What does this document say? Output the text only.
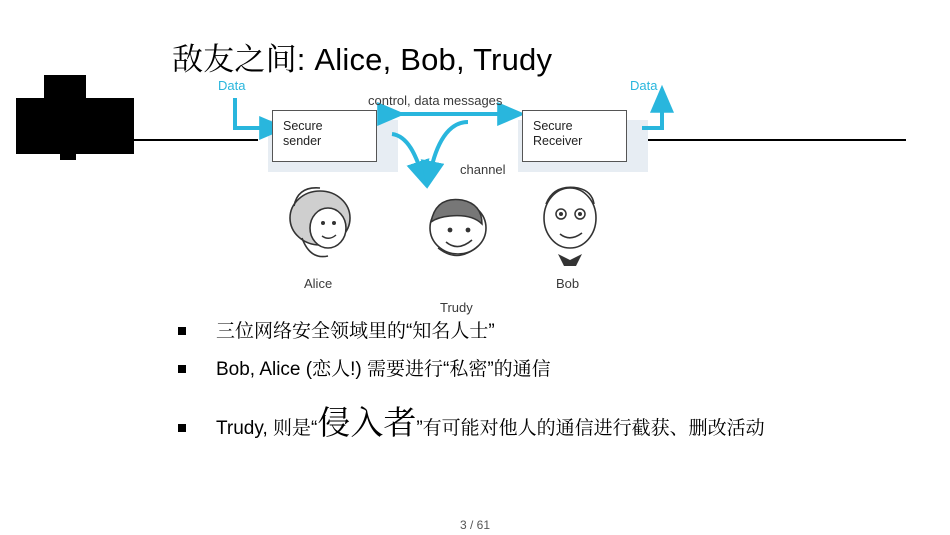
敌友之间: Alice, Bob, Trudy
Data	Data
control, data messages
channel
Secure
sender
Secure
Receiver
Alice
Trudy
Bob
三位网络安全领域里的“知名人士”
Bob, Alice (恋人!) 需要进行“私密”的通信
Trudy, 则是“侵入者”有可能对他人的通信进行截获、删改活动
3 / 61
